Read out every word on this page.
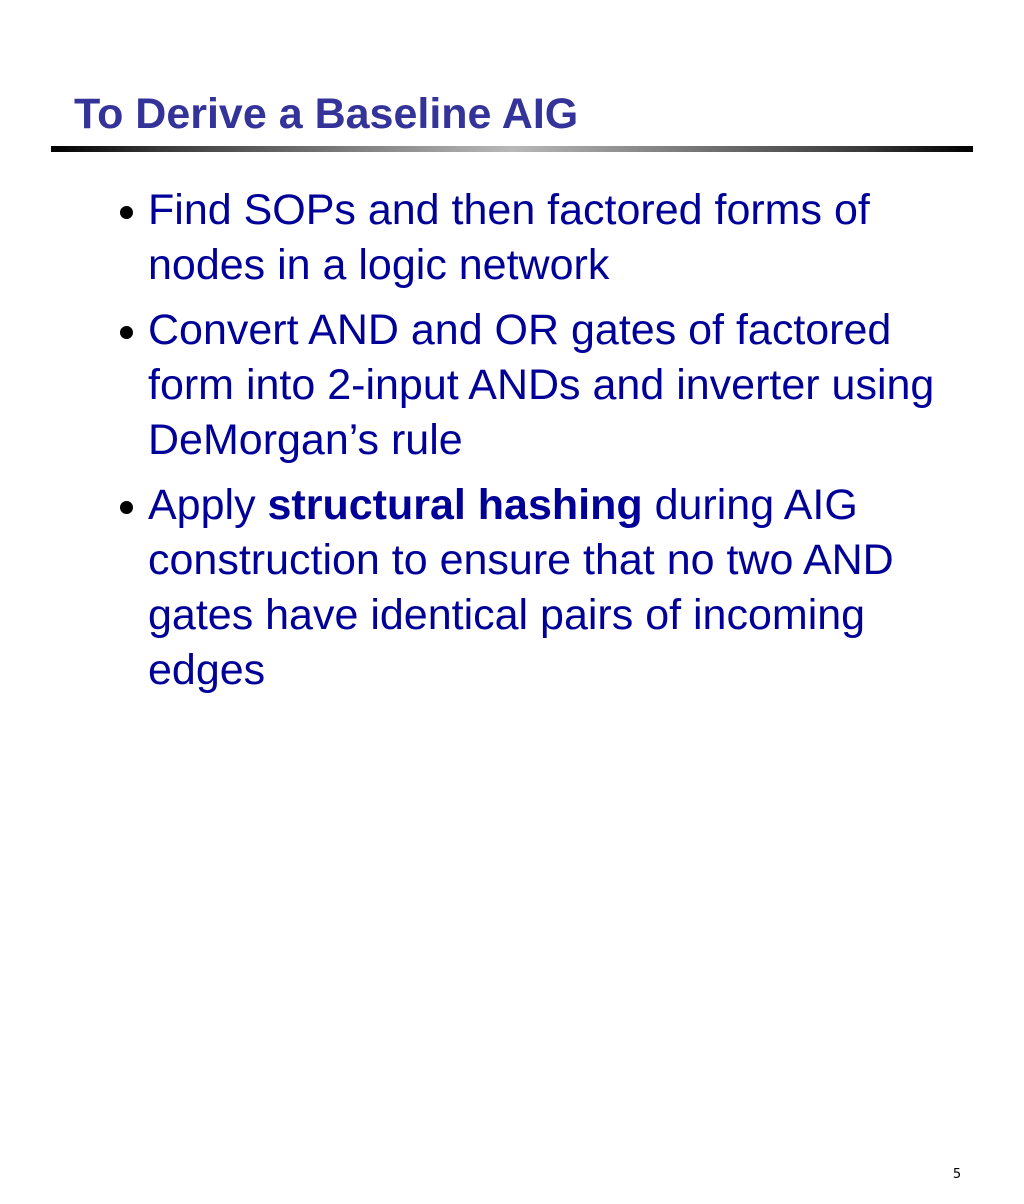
To Derive a Baseline AIG
Find SOPs and then factored forms of nodes in a logic network
Convert AND and OR gates of factored form into 2-input ANDs and inverter using DeMorgan’s rule
Apply structural hashing during AIG construction to ensure that no two AND gates have identical pairs of incoming edges
5
